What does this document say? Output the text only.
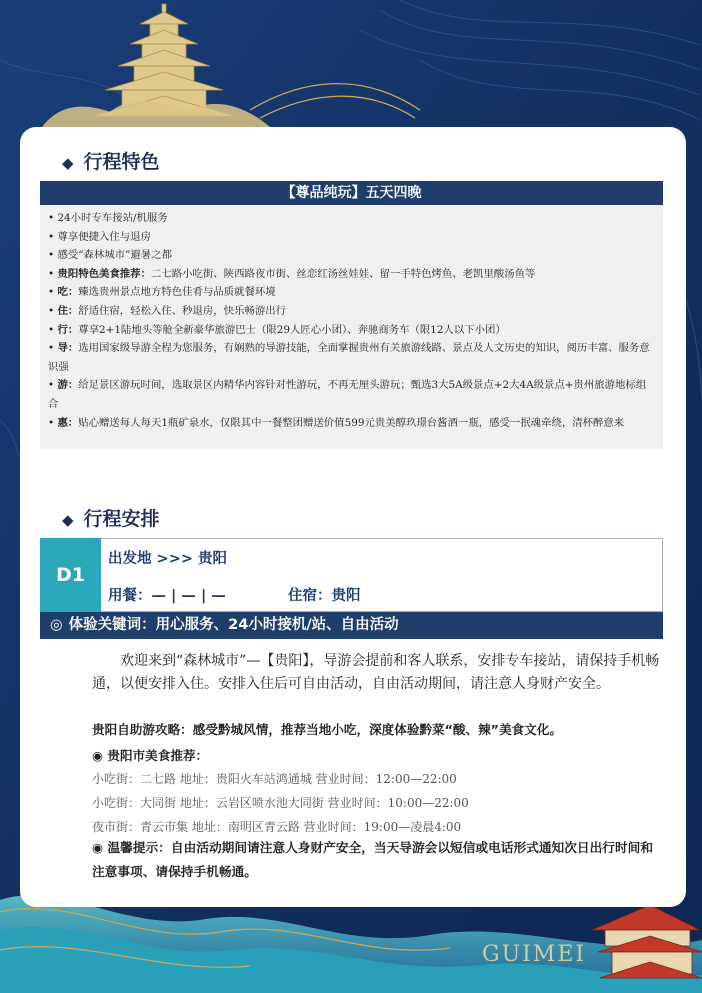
◆ 行程特色
【尊品纯玩】五天四晚
• 24小时专车接站/机服务
• 尊享便捷入住与退房
• 感受“森林城市”避暑之都
• 贵阳特色美食推荐：二七路小吃街、陕西路夜市街、丝恋红汤丝娃娃、留一手特色烤鱼、老凯里酸汤鱼等
• 吃：臻选贵州景点地方特色佳肴与品质就餐环境
• 住：舒适住宿，轻松入住、秒退房，快乐畅游出行
• 行：尊享2+1陆地头等舱全新豪华旅游巴士（限29人匠心小团）、奔驰商务车（限12人以下小团）
• 导：选用国家级导游全程为您服务，有娴熟的导游技能，全面掌握贵州有关旅游线路、景点及人文历史的知识，阅历丰富、服务意识强
• 游：给足景区游玩时间，选取景区内精华内容针对性游玩，不再无厘头游玩；甄选3大5A级景点+2大4A级景点+贵州旅游地标组合
• 惠：贴心赠送每人每天1瓶矿泉水，仅限其中一餐整团赠送价值599元贵美醇玖璟台酱酒一瓶，感受一抿魂牵绕，清杯醉意来
◆ 行程安排
D1
出发地 >>> 贵阳
用餐：— | — | —	住宿：贵阳
◎ 体验关键词：用心服务、24小时接机/站、自由活动
欢迎来到“森林城市”—【贵阳】，导游会提前和客人联系，安排专车接站，请保持手机畅通，以便安排入住。安排入住后可自由活动，自由活动期间，请注意人身财产安全。
贵阳自助游攻略：感受黔城风情，推荐当地小吃，深度体验黔菜“酸、辣”美食文化。
◉ 贵阳市美食推荐：
小吃街：二七路 地址：贵阳火车站鸿通城 营业时间：12:00—22:00
小吃街：大同街 地址：云岩区喷水池大同街 营业时间：10:00—22:00
夜市街：青云市集 地址：南明区青云路 营业时间：19:00—凌晨4:00
◉ 温馨提示：自由活动期间请注意人身财产安全，当天导游会以短信或电话形式通知次日出行时间和注意事项、请保持手机畅通。
GUIMEI
